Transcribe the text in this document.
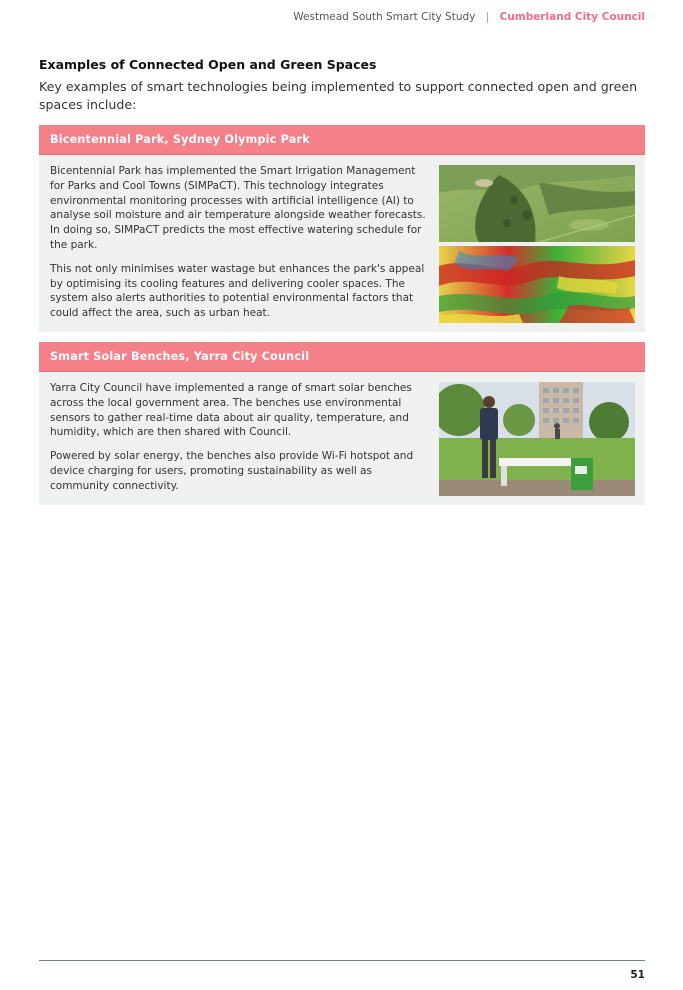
Westmead South Smart City Study | Cumberland City Council
Examples of Connected Open and Green Spaces
Key examples of smart technologies being implemented to support connected open and green spaces include:
Bicentennial Park, Sydney Olympic Park

Bicentennial Park has implemented the Smart Irrigation Management for Parks and Cool Towns (SIMPaCT). This technology integrates environmental monitoring processes with artificial intelligence (AI) to analyse soil moisture and air temperature alongside weather forecasts. In doing so, SIMPaCT predicts the most effective watering schedule for the park.

This not only minimises water wastage but enhances the park's appeal by optimising its cooling features and delivering cooler spaces. The system also alerts authorities to potential environmental factors that could affect the area, such as urban heat.

Smart Solar Benches, Yarra City Council

Yarra City Council have implemented a range of smart solar benches across the local government area. The benches use environmental sensors to gather real-time data about air quality, temperature, and humidity, which are then shared with Council.

Powered by solar energy, the benches also provide Wi-Fi hotspot and device charging for users, promoting sustainability as well as community connectivity.

51
